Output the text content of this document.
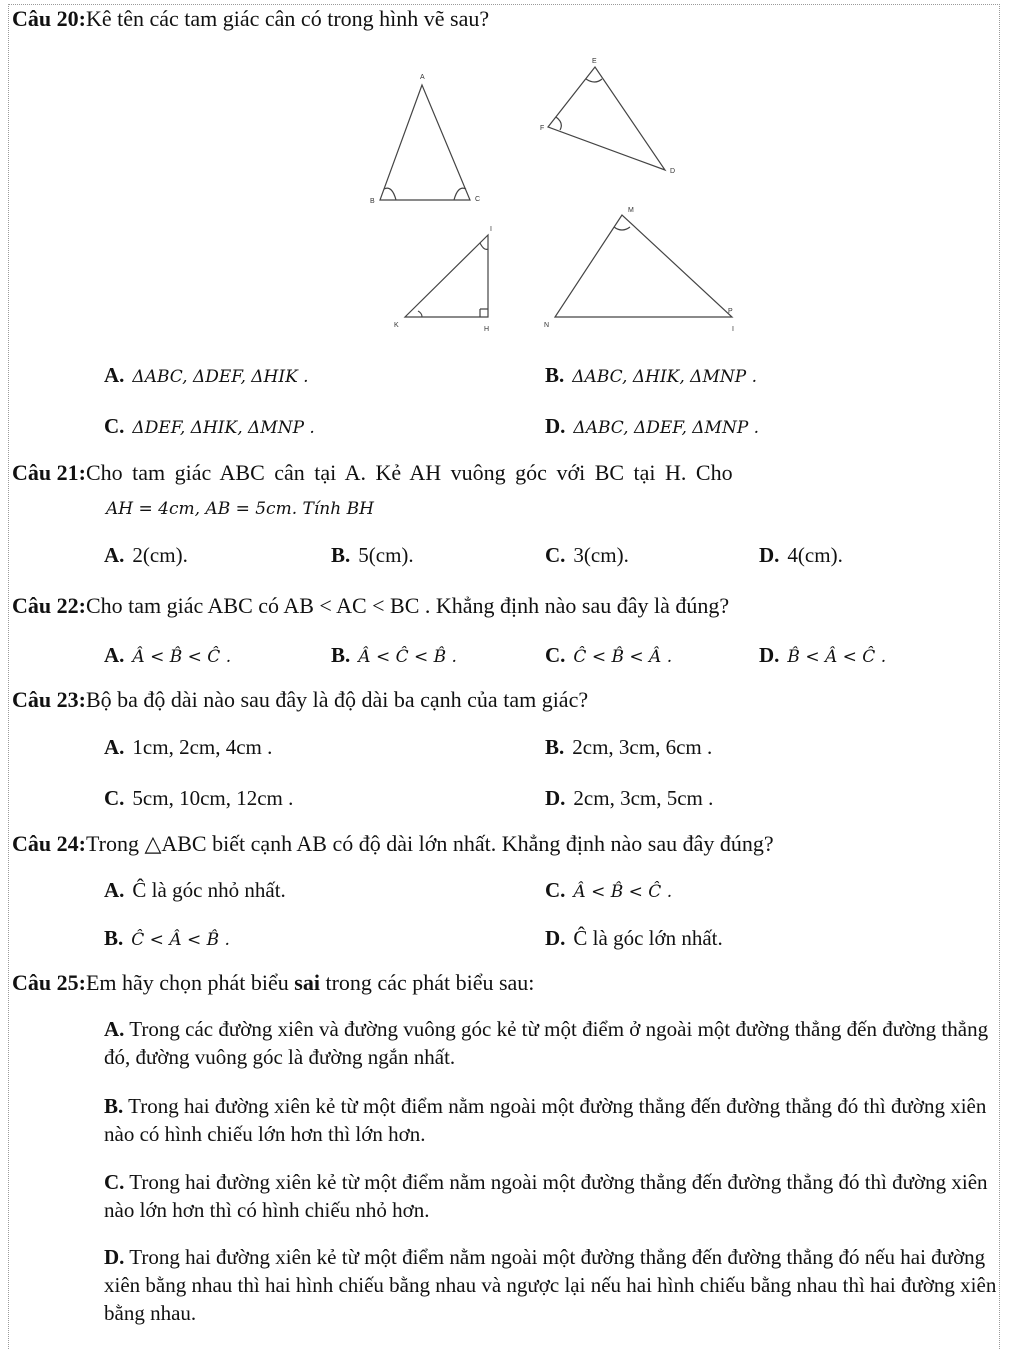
Câu 20:Kê tên các tam giác cân có trong hình vẽ sau?
A
B	C
E
F
D
I
K
H
M
N
P
I
A. ΔABC, ΔDEF, ΔHIK .	B. ΔABC, ΔHIK, ΔMNP .
C. ΔDEF, ΔHIK, ΔMNP .	D. ΔABC, ΔDEF, ΔMNP .
Câu 21:Cho tam giác ABC cân tại A. Kẻ AH vuông góc với BC tại H. Cho
AH = 4cm, AB = 5cm. Tính BH
A. 2(cm).	B. 5(cm).	C. 3(cm).	D. 4(cm).
Câu 22:Cho tam giác ABC có AB < AC < BC . Khẳng định nào sau đây là đúng?
A. Â < B̂ < Ĉ .	B. Â < Ĉ < B̂ .	C. Ĉ < B̂ < Â .	D. B̂ < Â < Ĉ .
Câu 23:Bộ ba độ dài nào sau đây là độ dài ba cạnh của tam giác?
A. 1cm, 2cm, 4cm .	B. 2cm, 3cm, 6cm .
C. 5cm, 10cm, 12cm .	D. 2cm, 3cm, 5cm .
Câu 24:Trong △ABC biết cạnh AB có độ dài lớn nhất. Khẳng định nào sau đây đúng?
A. Ĉ là góc nhỏ nhất.	C. Â < B̂ < Ĉ .
B. Ĉ < Â < B̂ .	D. Ĉ là góc lớn nhất.
Câu 25:Em hãy chọn phát biểu sai trong các phát biểu sau:
A. Trong các đường xiên và đường vuông góc kẻ từ một điểm ở ngoài một đường thẳng đến đường thẳng đó, đường vuông góc là đường ngắn nhất.
B. Trong hai đường xiên kẻ từ một điểm nằm ngoài một đường thẳng đến đường thẳng đó thì đường xiên nào có hình chiếu lớn hơn thì lớn hơn.
C. Trong hai đường xiên kẻ từ một điểm nằm ngoài một đường thẳng đến đường thẳng đó thì đường xiên nào lớn hơn thì có hình chiếu nhỏ hơn.
D. Trong hai đường xiên kẻ từ một điểm nằm ngoài một đường thẳng đến đường thẳng đó nếu hai đường xiên bằng nhau thì hai hình chiếu bằng nhau và ngược lại nếu hai hình chiếu bằng nhau thì hai đường xiên bằng nhau.
